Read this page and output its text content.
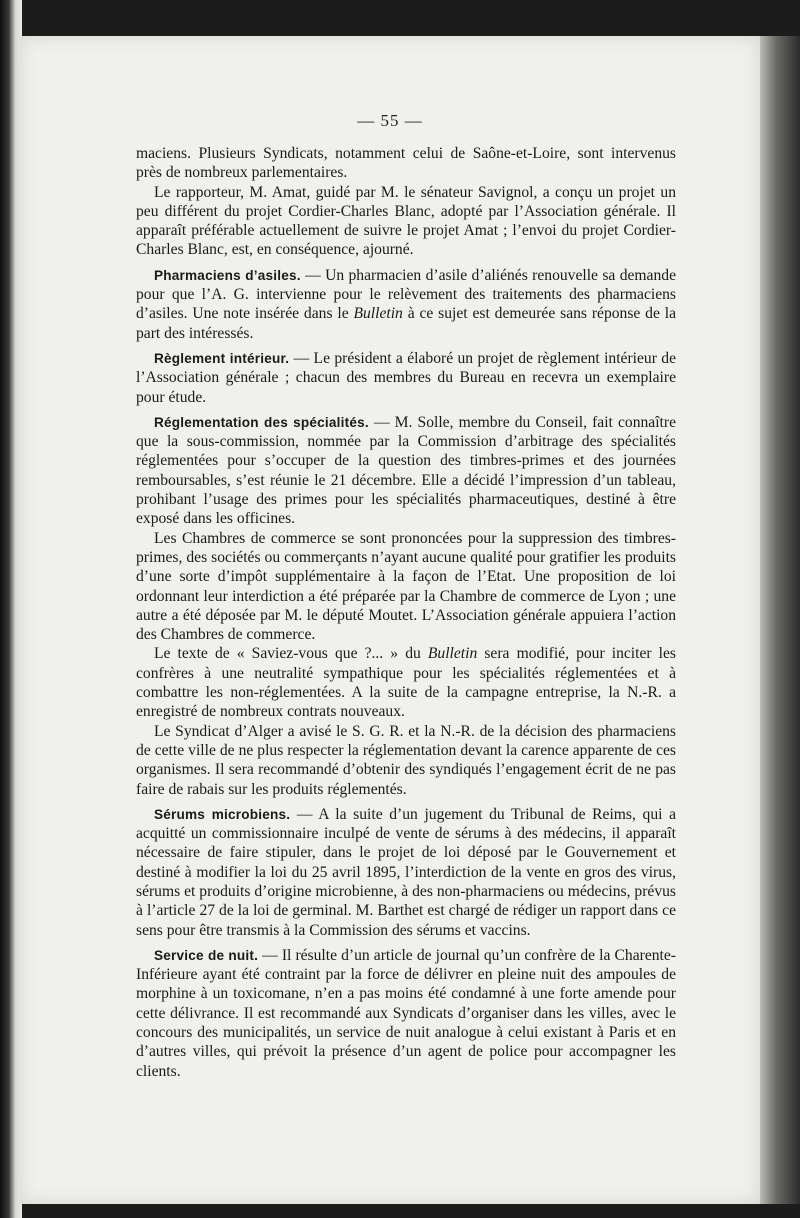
— 55 —

maciens. Plusieurs Syndicats, notamment celui de Saône-et-Loire, sont intervenus près de nombreux parlementaires.

Le rapporteur, M. Amat, guidé par M. le sénateur Savignol, a conçu un projet un peu différent du projet Cordier-Charles Blanc, adopté par l’Association générale. Il apparaît préférable actuellement de suivre le projet Amat ; l’envoi du projet Cordier-Charles Blanc, est, en conséquence, ajourné.

Pharmaciens d’asiles. — Un pharmacien d’asile d’aliénés renouvelle sa demande pour que l’A. G. intervienne pour le relèvement des traitements des pharmaciens d’asiles. Une note insérée dans le Bulletin à ce sujet est demeurée sans réponse de la part des intéressés.

Règlement intérieur. — Le président a élaboré un projet de règlement intérieur de l’Association générale ; chacun des membres du Bureau en recevra un exemplaire pour étude.

Réglementation des spécialités. — M. Solle, membre du Conseil, fait connaître que la sous-commission, nommée par la Commission d’arbitrage des spécialités réglementées pour s’occuper de la question des timbres-primes et des journées remboursables, s’est réunie le 21 décembre. Elle a décidé l’impression d’un tableau, prohibant l’usage des primes pour les spécialités pharmaceutiques, destiné à être exposé dans les officines.

Les Chambres de commerce se sont prononcées pour la suppression des timbres-primes, des sociétés ou commerçants n’ayant aucune qualité pour gratifier les produits d’une sorte d’impôt supplémentaire à la façon de l’Etat. Une proposition de loi ordonnant leur interdiction a été préparée par la Chambre de commerce de Lyon ; une autre a été déposée par M. le député Moutet. L’Association générale appuiera l’action des Chambres de commerce.

Le texte de « Saviez-vous que ?... » du Bulletin sera modifié, pour inciter les confrères à une neutralité sympathique pour les spécialités réglementées et à combattre les non-réglementées. A la suite de la campagne entreprise, la N.-R. a enregistré de nombreux contrats nouveaux.

Le Syndicat d’Alger a avisé le S. G. R. et la N.-R. de la décision des pharmaciens de cette ville de ne plus respecter la réglementation devant la carence apparente de ces organismes. Il sera recommandé d’obtenir des syndiqués l’engagement écrit de ne pas faire de rabais sur les produits réglementés.

Sérums microbiens. — A la suite d’un jugement du Tribunal de Reims, qui a acquitté un commissionnaire inculpé de vente de sérums à des médecins, il apparaît nécessaire de faire stipuler, dans le projet de loi déposé par le Gouvernement et destiné à modifier la loi du 25 avril 1895, l’interdiction de la vente en gros des virus, sérums et produits d’origine microbienne, à des non-pharmaciens ou médecins, prévus à l’article 27 de la loi de germinal. M. Barthet est chargé de rédiger un rapport dans ce sens pour être transmis à la Commission des sérums et vaccins.

Service de nuit. — Il résulte d’un article de journal qu’un confrère de la Charente-Inférieure ayant été contraint par la force de délivrer en pleine nuit des ampoules de morphine à un toxicomane, n’en a pas moins été condamné à une forte amende pour cette délivrance. Il est recommandé aux Syndicats d’organiser dans les villes, avec le concours des municipalités, un service de nuit analogue à celui existant à Paris et en d’autres villes, qui prévoit la présence d’un agent de police pour accompagner les clients.
